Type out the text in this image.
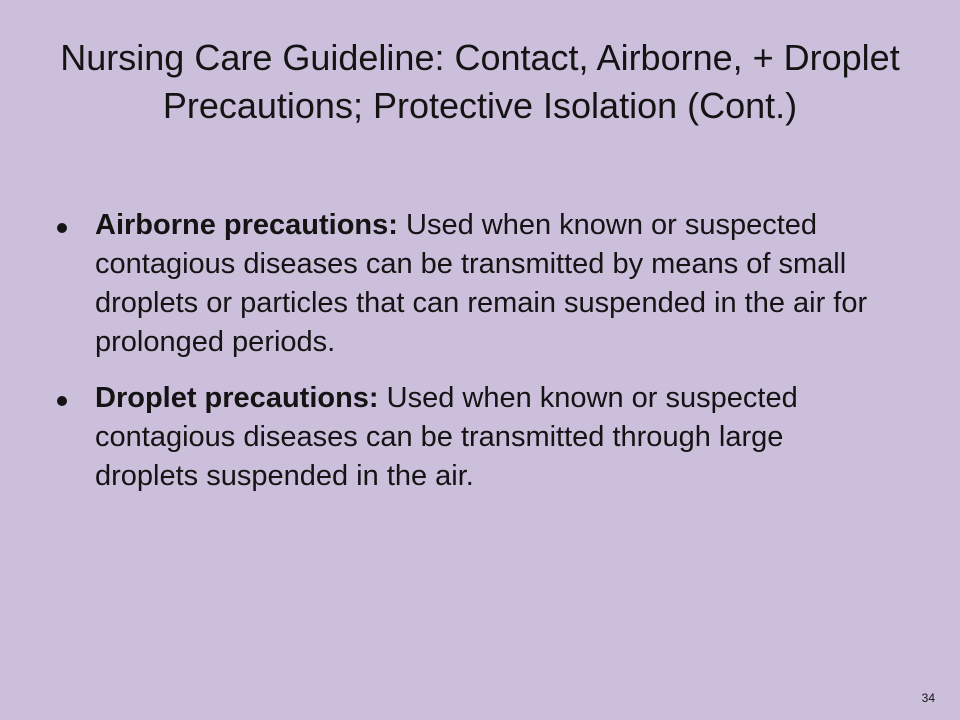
Nursing Care Guideline: Contact, Airborne, + Droplet Precautions; Protective Isolation (Cont.)
Airborne precautions: Used when known or suspected contagious diseases can be transmitted by means of small droplets or particles that can remain suspended in the air for prolonged periods.
Droplet precautions: Used when known or suspected contagious diseases can be transmitted through large droplets suspended in the air.
34
